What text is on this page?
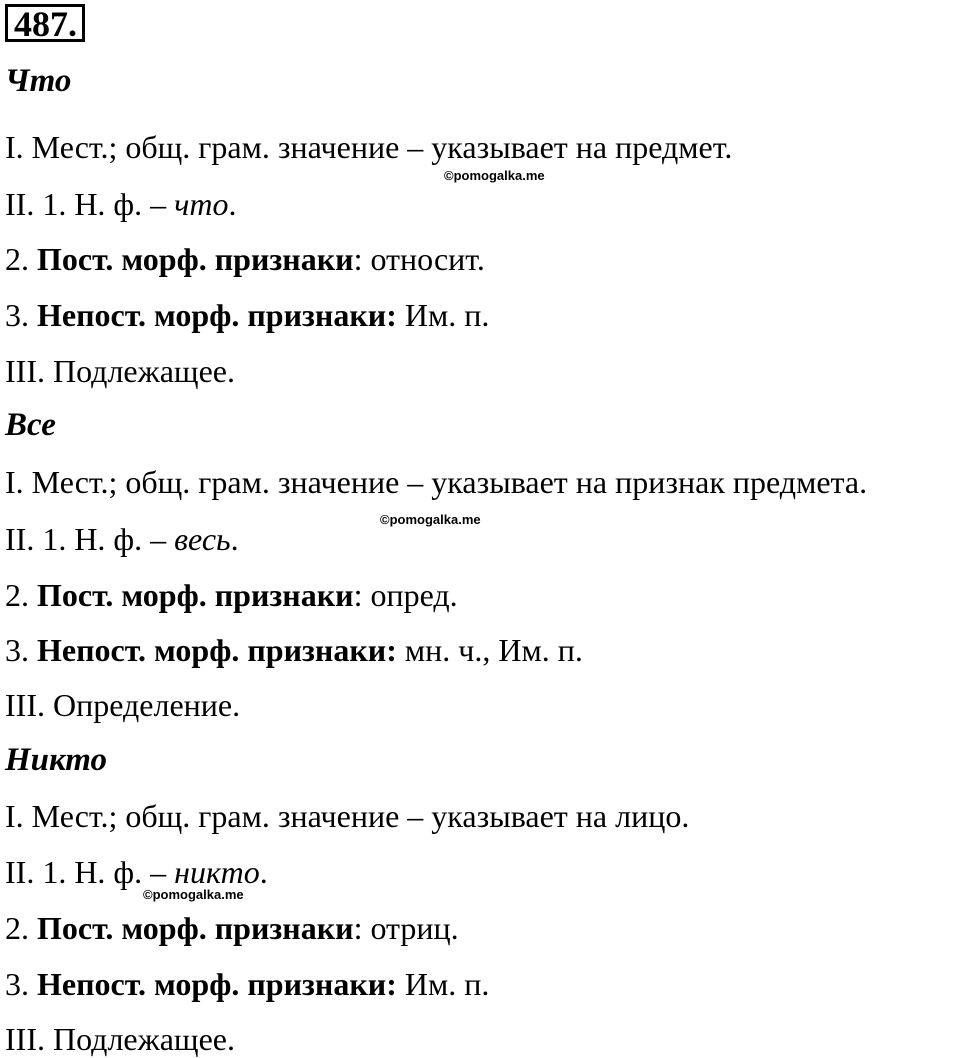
487.
Что
I. Мест.; общ. грам. значение – указывает на предмет.
©pomogalka.me
II. 1. Н. ф. – что.
2. Пост. морф. признаки: относит.
3. Непост. морф. признаки: Им. п.
III. Подлежащее.
Все
I. Мест.; общ. грам. значение – указывает на признак предмета.
©pomogalka.me
II. 1. Н. ф. – весь.
2. Пост. морф. признаки: опред.
3. Непост. морф. признаки: мн. ч., Им. п.
III. Определение.
Никто
I. Мест.; общ. грам. значение – указывает на лицо.
II. 1. Н. ф. – никто.
©pomogalka.me
2. Пост. морф. признаки: отриц.
3. Непост. морф. признаки: Им. п.
III. Подлежащее.
